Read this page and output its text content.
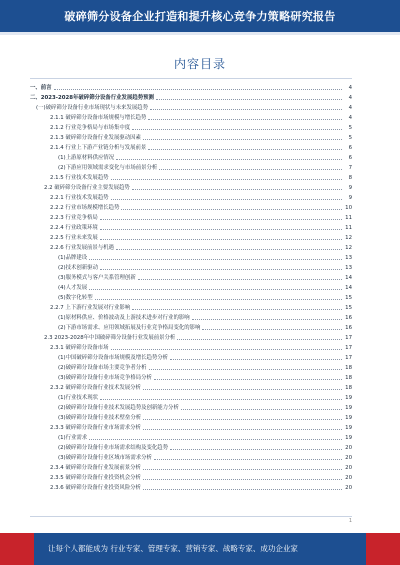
破碎筛分设备企业打造和提升核心竞争力策略研究报告
内容目录
一、前言	4
二、2023-2028年破碎筛分设备行业发展趋势预测	4
(一)破碎筛分设备行业市场现状与未来发展趋势	4
2.1.1 破碎筛分设备市场规模与增长趋势	4
2.1.2 行业竞争格局与市场集中度	5
2.1.3 破碎筛分设备行业发展驱动因素	5
2.1.4 行业上下游产业链分析与发展前景	6
(1)上游原材料供应情况	6
(2)下游应用领域需求变化与市场前景分析	7
2.1.5 行业技术发展趋势	8
2.2 破碎筛分设备行业主要发展趋势	9
2.2.1 行业技术发展趋势	9
2.2.2 行业市场规模增长趋势	10
2.2.3 行业竞争格局	11
2.2.4 行业政策环境	11
2.2.5 行业未来发展	12
2.2.6 行业发展前景与机遇	12
(1)品牌建设	13
(2)技术创新驱动	13
(3)服务模式与客户关系管理创新	14
(4)人才发展	14
(5)数字化转型	15
2.2.7 上下游行业发展对行业影响	15
(1)原材料供应、价格波动及上游技术进步对行业的影响	16
(2)下游市场需求、应用领域拓展及行业竞争格局变化的影响	16
2.3 2023-2028年中国破碎筛分设备行业发展前景分析	17
2.3.1 破碎筛分设备市场	17
(1)中国破碎筛分设备市场规模及增长趋势分析	17
(2)破碎筛分设备市场主要竞争者分析	18
(3)破碎筛分设备行业市场竞争格局分析	18
2.3.2 破碎筛分设备行业技术发展分析	18
(1)行业技术现状	19
(2)破碎筛分设备行业技术发展趋势及创新能力分析	19
(3)破碎筛分设备行业技术壁垒分析	19
2.3.3 破碎筛分设备行业市场需求分析	19
(1)行业需求	19
(2)破碎筛分设备行业市场需求结构及变化趋势	20
(3)破碎筛分设备行业区域市场需求分析	20
2.3.4 破碎筛分设备行业发展前景分析	20
2.3.5 破碎筛分设备行业投资机会分析	20
2.3.6 破碎筛分设备行业投资风险分析	20
1
让每个人都能成为 行业专家、管理专家、营销专家、战略专家、成功企业家
